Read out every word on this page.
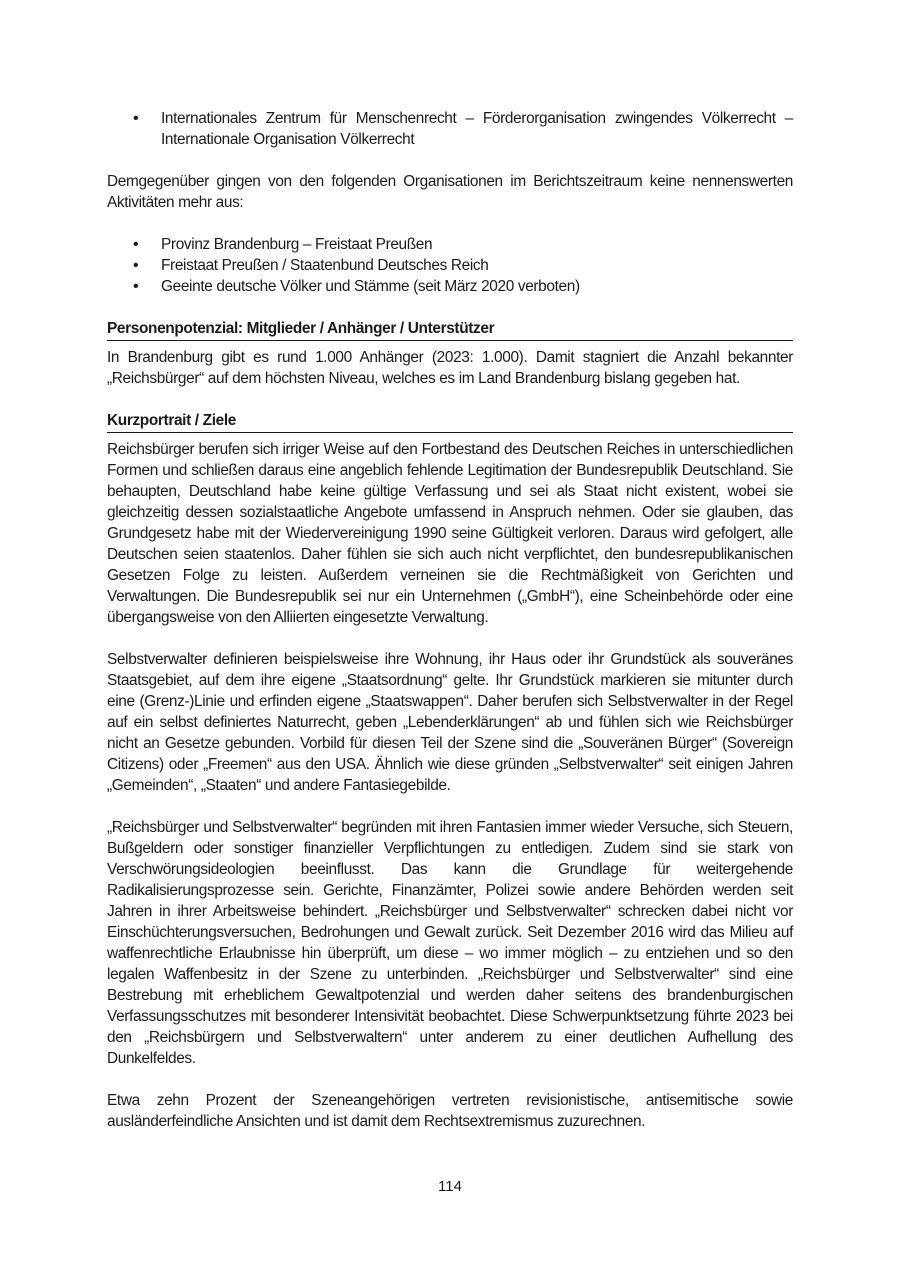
• Internationales Zentrum für Menschenrecht – Förderorganisation zwingendes Völkerrecht – Internationale Organisation Völkerrecht

Demgegenüber gingen von den folgenden Organisationen im Berichtszeitraum keine nennenswerten Aktivitäten mehr aus:

• Provinz Brandenburg – Freistaat Preußen
• Freistaat Preußen / Staatenbund Deutsches Reich
• Geeinte deutsche Völker und Stämme (seit März 2020 verboten)
Personenpotenzial: Mitglieder / Anhänger / Unterstützer

In Brandenburg gibt es rund 1.000 Anhänger (2023: 1.000). Damit stagniert die Anzahl bekannter „Reichsbürger“ auf dem höchsten Niveau, welches es im Land Brandenburg bislang gegeben hat.

Kurzportrait / Ziele

Reichsbürger berufen sich irriger Weise auf den Fortbestand des Deutschen Reiches in unterschiedlichen Formen und schließen daraus eine angeblich fehlende Legitimation der Bundesrepublik Deutschland. Sie behaupten, Deutschland habe keine gültige Verfassung und sei als Staat nicht existent, wobei sie gleichzeitig dessen sozialstaatliche Angebote umfassend in Anspruch nehmen. Oder sie glauben, das Grundgesetz habe mit der Wiedervereinigung 1990 seine Gültigkeit verloren. Daraus wird gefolgert, alle Deutschen seien staatenlos. Daher fühlen sie sich auch nicht verpflichtet, den bundesrepublikanischen Gesetzen Folge zu leisten. Außerdem verneinen sie die Rechtmäßigkeit von Gerichten und Verwaltungen. Die Bundesrepublik sei nur ein Unternehmen („GmbH“), eine Scheinbehörde oder eine übergangsweise von den Alliierten eingesetzte Verwaltung.

Selbstverwalter definieren beispielsweise ihre Wohnung, ihr Haus oder ihr Grundstück als souveränes Staatsgebiet, auf dem ihre eigene „Staatsordnung“ gelte. Ihr Grundstück markieren sie mitunter durch eine (Grenz-)Linie und erfinden eigene „Staatswappen“. Daher berufen sich Selbstverwalter in der Regel auf ein selbst definiertes Naturrecht, geben „Lebenderklärungen“ ab und fühlen sich wie Reichsbürger nicht an Gesetze gebunden. Vorbild für diesen Teil der Szene sind die „Souveränen Bürger“ (Sovereign Citizens) oder „Freemen“ aus den USA. Ähnlich wie diese gründen „Selbstverwalter“ seit einigen Jahren „Gemeinden“, „Staaten“ und andere Fantasiegebilde.

„Reichsbürger und Selbstverwalter“ begründen mit ihren Fantasien immer wieder Versuche, sich Steuern, Bußgeldern oder sonstiger finanzieller Verpflichtungen zu entledigen. Zudem sind sie stark von Verschwörungsideologien beeinflusst. Das kann die Grundlage für weitergehende Radikalisierungsprozesse sein. Gerichte, Finanzämter, Polizei sowie andere Behörden werden seit Jahren in ihrer Arbeitsweise behindert. „Reichsbürger und Selbstverwalter“ schrecken dabei nicht vor Einschüchterungsversuchen, Bedrohungen und Gewalt zurück. Seit Dezember 2016 wird das Milieu auf waffenrechtliche Erlaubnisse hin überprüft, um diese – wo immer möglich – zu entziehen und so den legalen Waffenbesitz in der Szene zu unterbinden. „Reichsbürger und Selbstverwalter“ sind eine Bestrebung mit erheblichem Gewaltpotenzial und werden daher seitens des brandenburgischen Verfassungsschutzes mit besonderer Intensivität beobachtet. Diese Schwerpunktsetzung führte 2023 bei den „Reichsbürgern und Selbstverwaltern“ unter anderem zu einer deutlichen Aufhellung des Dunkelfeldes.

Etwa zehn Prozent der Szeneangehörigen vertreten revisionistische, antisemitische sowie ausländerfeindliche Ansichten und ist damit dem Rechtsextremismus zuzurechnen.

114
